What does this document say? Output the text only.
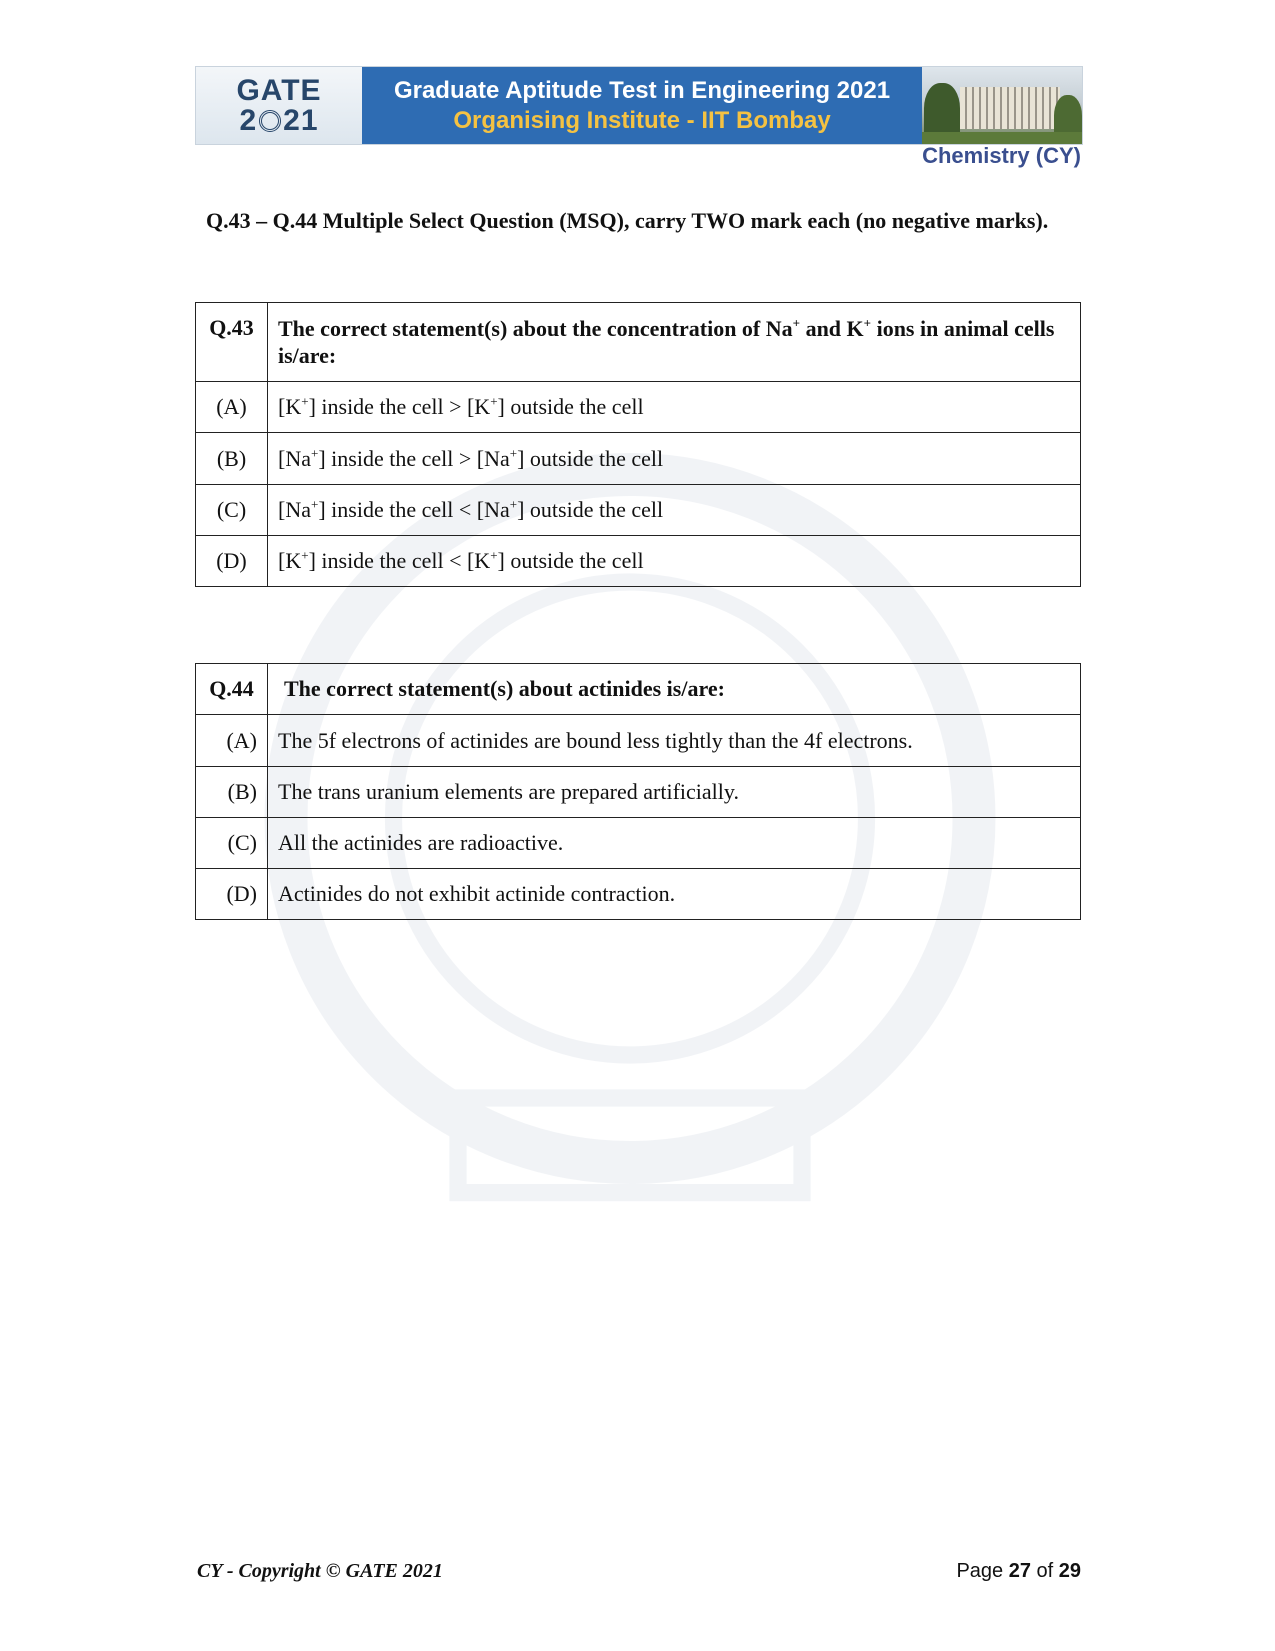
GATE
2 21
Graduate Aptitude Test in Engineering 2021
Organising Institute - IIT Bombay
Chemistry (CY)
Q.43 – Q.44 Multiple Select Question (MSQ), carry TWO mark each (no negative marks).
Q.43	The correct statement(s) about the concentration of Na+ and K+ ions in animal cells is/are:
(A)	[K+] inside the cell > [K+] outside the cell
(B)	[Na+] inside the cell > [Na+] outside the cell
(C)	[Na+] inside the cell < [Na+] outside the cell
(D)	[K+] inside the cell < [K+] outside the cell
Q.44	The correct statement(s) about actinides is/are:
(A)	The 5f electrons of actinides are bound less tightly than the 4f electrons.
(B)	The trans uranium elements are prepared artificially.
(C)	All the actinides are radioactive.
(D)	Actinides do not exhibit actinide contraction.
CY - Copyright © GATE 2021	Page 27 of 29
